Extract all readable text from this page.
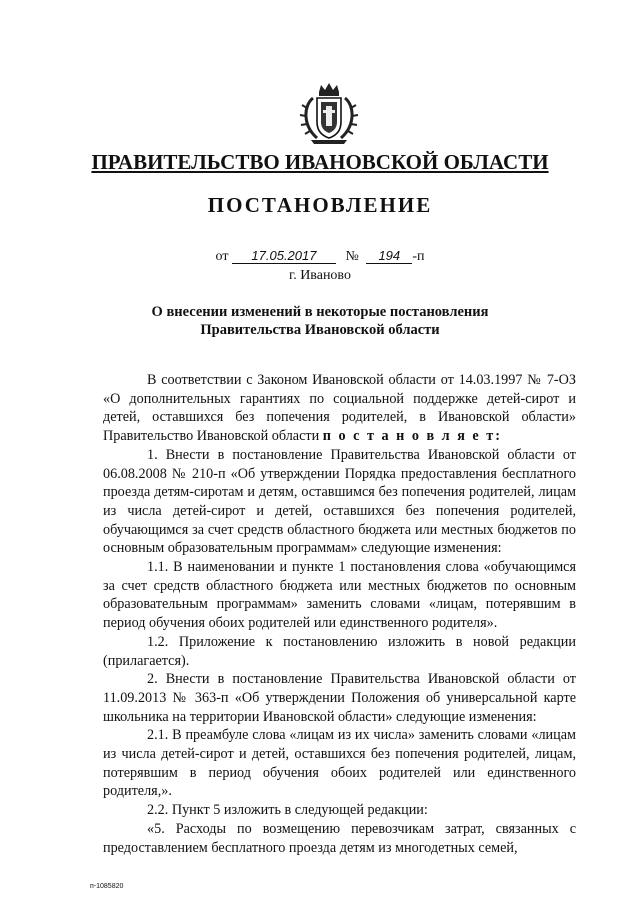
ПРАВИТЕЛЬСТВО ИВАНОВСКОЙ ОБЛАСТИ
ПОСТАНОВЛЕНИЕ
от 17.05.2017 № 194 -п
г. Иваново
О внесении изменений в некоторые постановления
Правительства Ивановской области

В соответствии с Законом Ивановской области от 14.03.1997 № 7-ОЗ «О дополнительных гарантиях по социальной поддержке детей-сирот и детей, оставшихся без попечения родителей, в Ивановской области» Правительство Ивановской области п о с т а н о в л я е т:

1. Внести в постановление Правительства Ивановской области от 06.08.2008 № 210-п «Об утверждении Порядка предоставления бесплатного проезда детям-сиротам и детям, оставшимся без попечения родителей, лицам из числа детей-сирот и детей, оставшихся без попечения родителей, обучающимся за счет средств областного бюджета или местных бюджетов по основным образовательным программам» следующие изменения:

1.1. В наименовании и пункте 1 постановления слова «обучающимся за счет средств областного бюджета или местных бюджетов по основным образовательным программам» заменить словами «лицам, потерявшим в период обучения обоих родителей или единственного родителя».

1.2. Приложение к постановлению изложить в новой редакции (прилагается).

2. Внести в постановление Правительства Ивановской области от 11.09.2013 № 363-п «Об утверждении Положения об универсальной карте школьника на территории Ивановской области» следующие изменения:

2.1. В преамбуле слова «лицам из их числа» заменить словами «лицам из числа детей-сирот и детей, оставшихся без попечения родителей, лицам, потерявшим в период обучения обоих родителей или единственного родителя,».

2.2. Пункт 5 изложить в следующей редакции:

«5. Расходы по возмещению перевозчикам затрат, связанных с предоставлением бесплатного проезда детям из многодетных семей,

п-1085820
